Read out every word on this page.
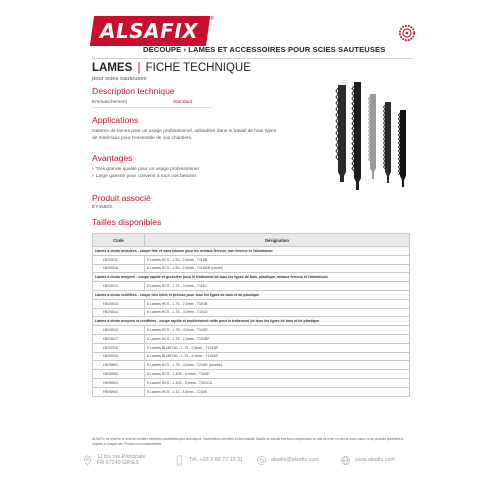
ALSAFIX	®
DÉCOUPE › LAMES ET ACCESSOIRES POUR SCIES SAUTEUSES
LAMES | FICHE TECHNIQUE
pour scies sauteuses
Description technique
Emmanchement	Standard
Applications
Gamme de lames pour un usage professionnel, utilisables dans le travail de tous types de matériaux pour l'ensemble de vos chantiers.
Avantages
› Très grande qualité pour un usage professionnel
› Large gamme pour convenir à tous vos besoins
Produit associé
EY4550X
Tailles disponibles
Code	Désignation
Lames à dents ondulées - coupe fine et sans bavure pour les métaux ferreux, non ferreux et l'aluminium	
HE24011	5 Lames HCS - L.50 - 2,8mm - T118B
HE24016	5 Lames HCS - L.50 - 2,8mm - T118GB (courte)
Lames à dents avoyées - coupe rapide et grossière pour le traitement de tous les types de bois, plastique, métaux ferreux et l'aluminium	
HE24012	5 Lames HCS - L.75 - 3,0mm - T111C
Lames à dents rectifiées - coupe très nette et précise pour tous les types de bois et de plastique	
HE24013	5 Lames HCS - L.75 - 2,5mm - T101B
HE24014	5 Lames HCS - L.75 - 4,0mm - T101D
Lames à dents avoyées et rectifiées - coupe rapide et moderément nette pour le traitement de tous les types de bois et de plastique	
HE24015	5 Lames HCS - L.75 - 4,0mm - T144D
HE24017	5 Lames HCS - L.75 - 2,5mm - T101BF
HE24018	5 Lames BI-METAL - L.75 - 2,5mm - T101BF
HE24019	5 Lames BI-METAL - L.75 - 4,0mm - T144DF
HE25801	5 Lames HCS - L.75 - 4,0mm - T244D (courbe)
HE05902	5 Lames HCS - L.105 - 4,0mm - T344D
HE05903	5 Lames HCS - L.105 - 3,0mm - T301CD
HE05904	5 Lames HCS - L.11 - 4,6mm - T234X
ALSAFIX se réserve le droit de modifier certaines caractéristiques techniques. Informations données à titre indicatif. Alsafix ne saurait être tenu responsable en cas de mise en œuvre sans valeur ni de produits prédéfinis à propres à chaque cas. Photos non contractuelles.
11 bis rue Principale
FR 67240 GRIES	Tél. +33 3 88 72 19 31	alsafix@alsafix.com	www.alsafix.com
